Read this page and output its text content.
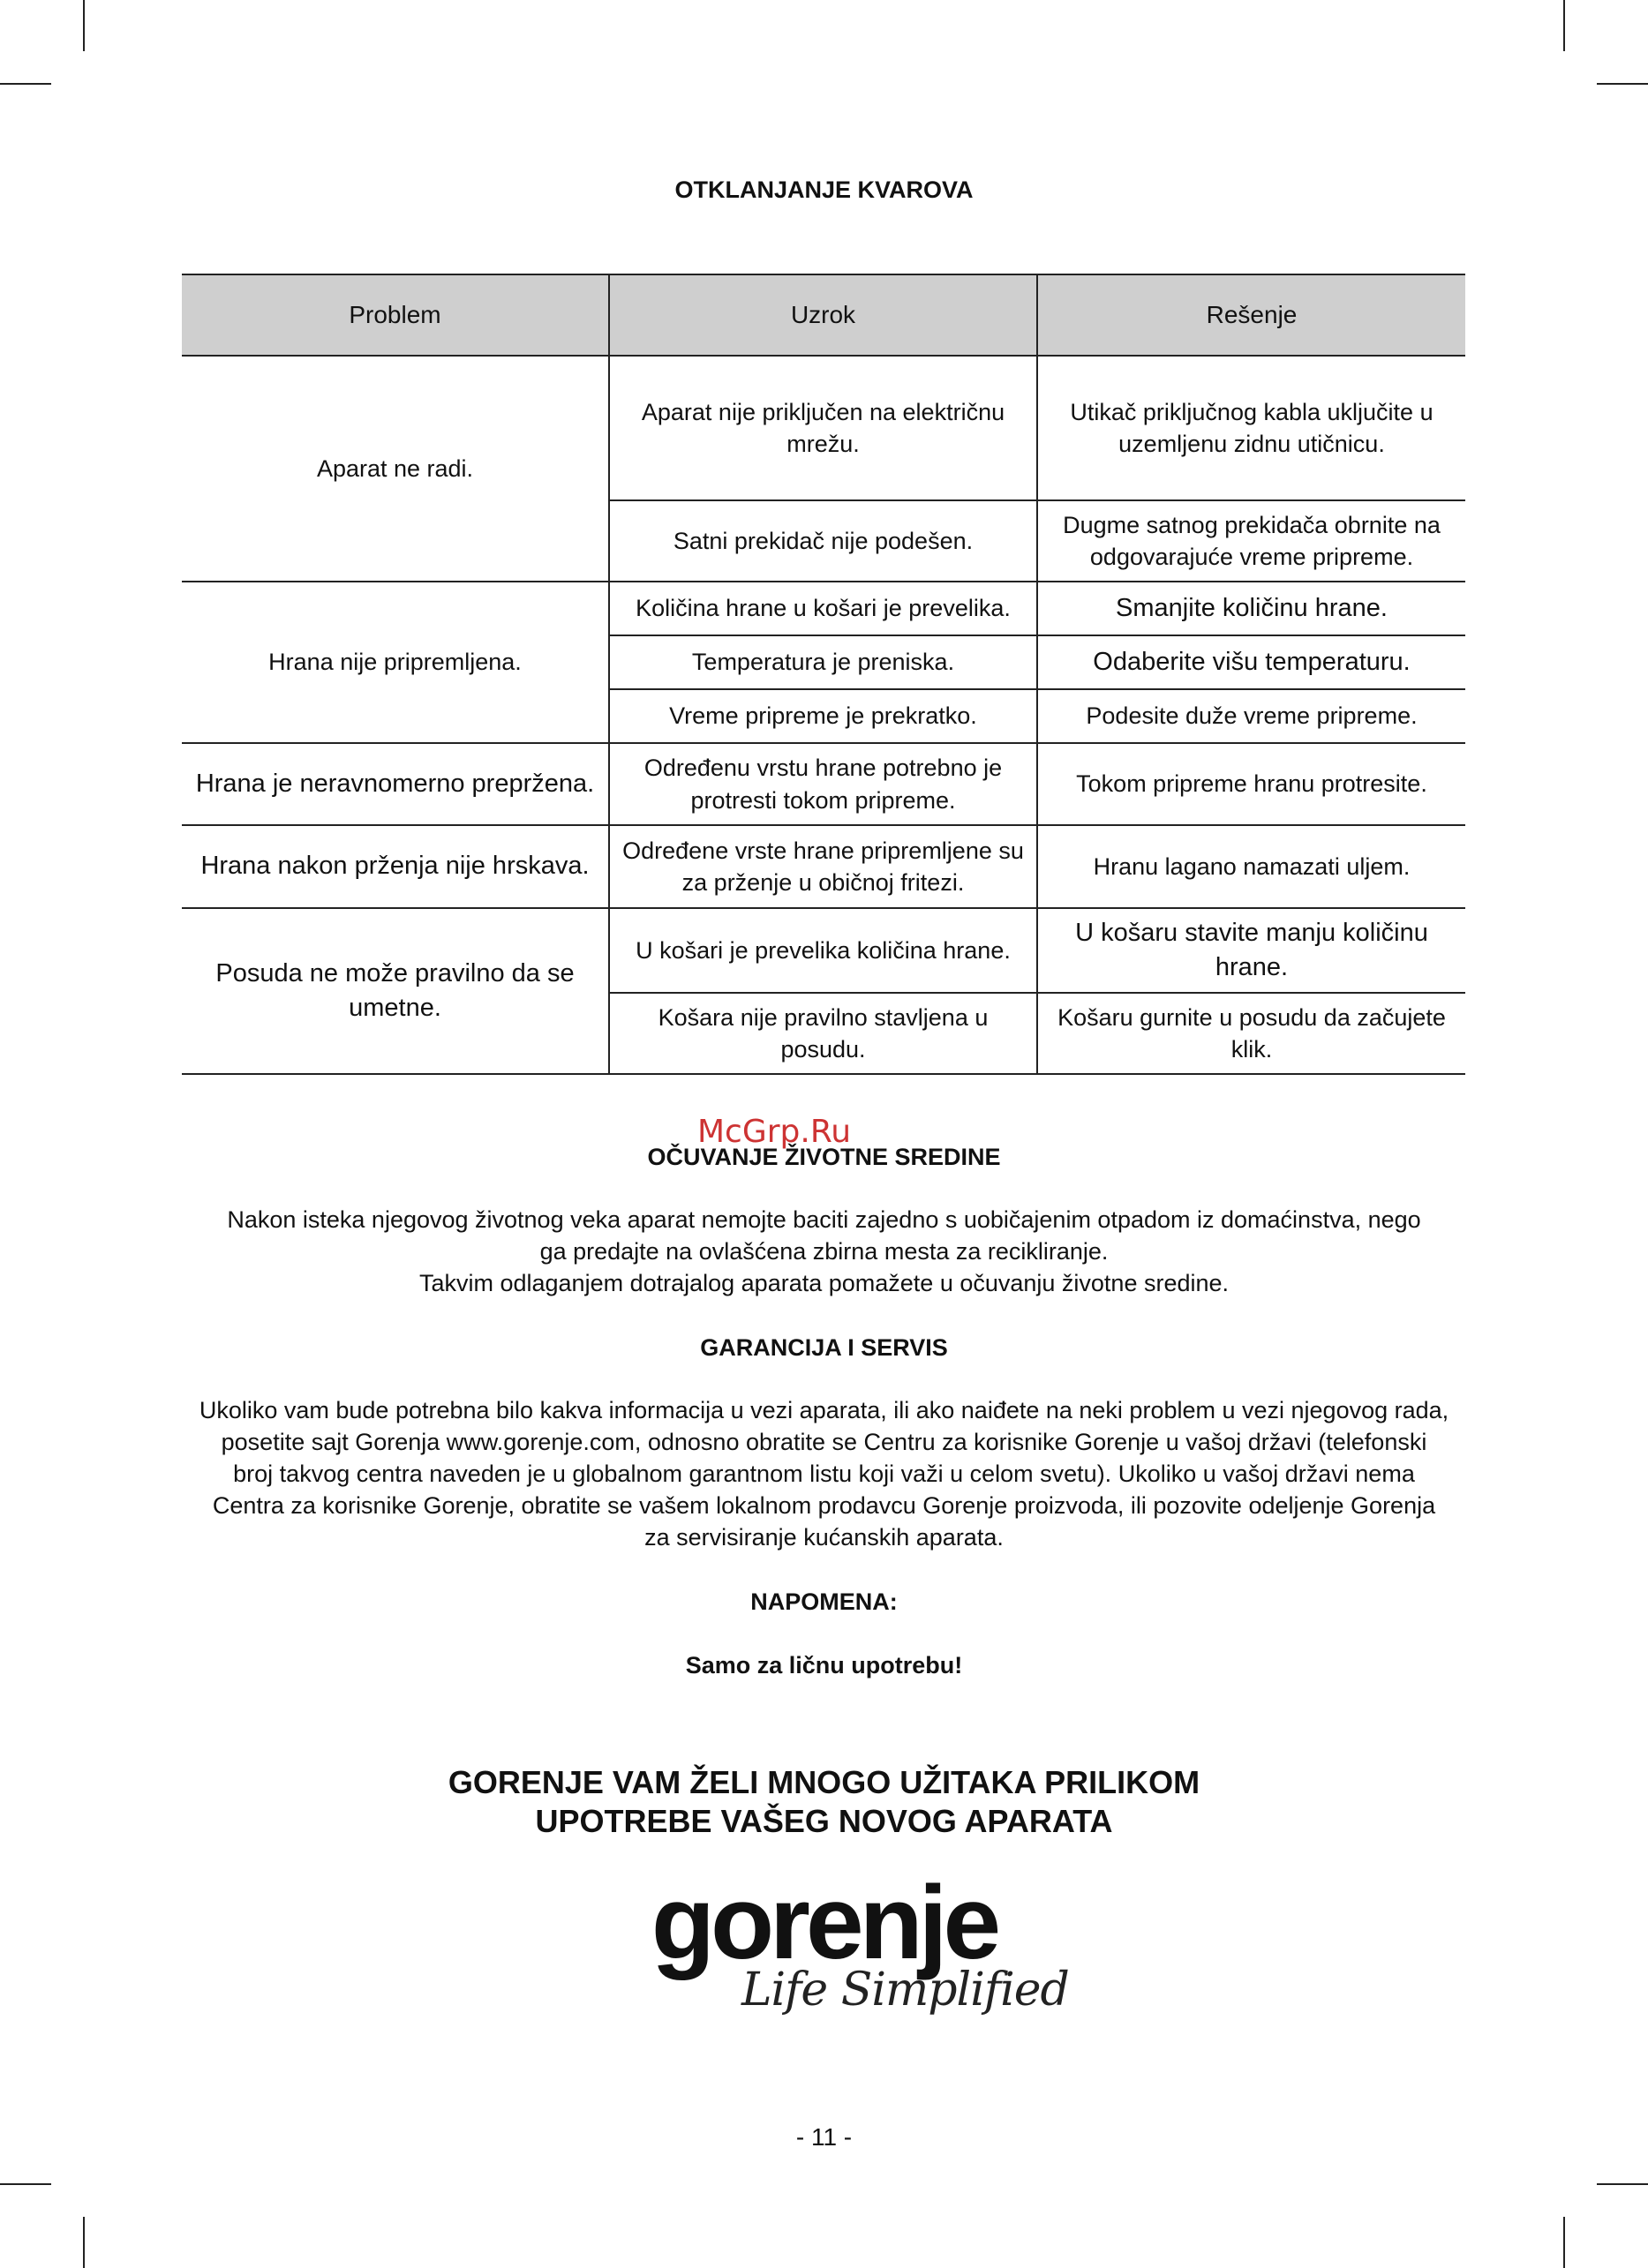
OTKLANJANJE KVAROVA
Problem	Uzrok	Rešenje
Aparat ne radi.	Aparat nije priključen na električnu mrežu.	Utikač priključnog kabla uključite u uzemljenu zidnu utičnicu.
	Satni prekidač nije podešen.	Dugme satnog prekidača obrnite na odgovarajuće vreme pripreme.
Hrana nije pripremljena.	Količina hrane u košari je prevelika.	Smanjite količinu hrane.
	Temperatura je preniska.	Odaberite višu temperaturu.
	Vreme pripreme je prekratko.	Podesite duže vreme pripreme.
Hrana je neravnomerno prepržena.	Određenu vrstu hrane potrebno je protresti tokom pripreme.	Tokom pripreme hranu protresite.
Hrana nakon prženja nije hrskava.	Određene vrste hrane pripremljene su za prženje u običnoj fritezi.	Hranu lagano namazati uljem.
Posuda ne može pravilno da se umetne.	U košari je prevelika količina hrane.	U košaru stavite manju količinu hrane.
	Košara nije pravilno stavljena u posudu.	Košaru gurnite u posudu da začujete klik.
McGrp.Ru
OČUVANJE ŽIVOTNE SREDINE
Nakon isteka njegovog životnog veka aparat nemojte baciti zajedno s uobičajenim otpadom iz domaćinstva, nego ga predajte na ovlašćena zbirna mesta za recikliranje.
Takvim odlaganjem dotrajalog aparata pomažete u očuvanju životne sredine.
GARANCIJA I SERVIS
Ukoliko vam bude potrebna bilo kakva informacija u vezi aparata, ili ako naiđete na neki problem u vezi njegovog rada, posetite sajt Gorenja www.gorenje.com, odnosno obratite se Centru za korisnike Gorenje u vašoj državi (telefonski broj takvog centra naveden je u globalnom garantnom listu koji važi u celom svetu). Ukoliko u vašoj državi nema Centra za korisnike Gorenje, obratite se vašem lokalnom prodavcu Gorenje proizvoda, ili pozovite odeljenje Gorenja za servisiranje kućanskih aparata.
NAPOMENA:
Samo za ličnu upotrebu!
GORENJE VAM ŽELI MNOGO UŽITAKA PRILIKOM
UPOTREBE VAŠEG NOVOG APARATA
gorenje
Life Simplified
- 11 -
